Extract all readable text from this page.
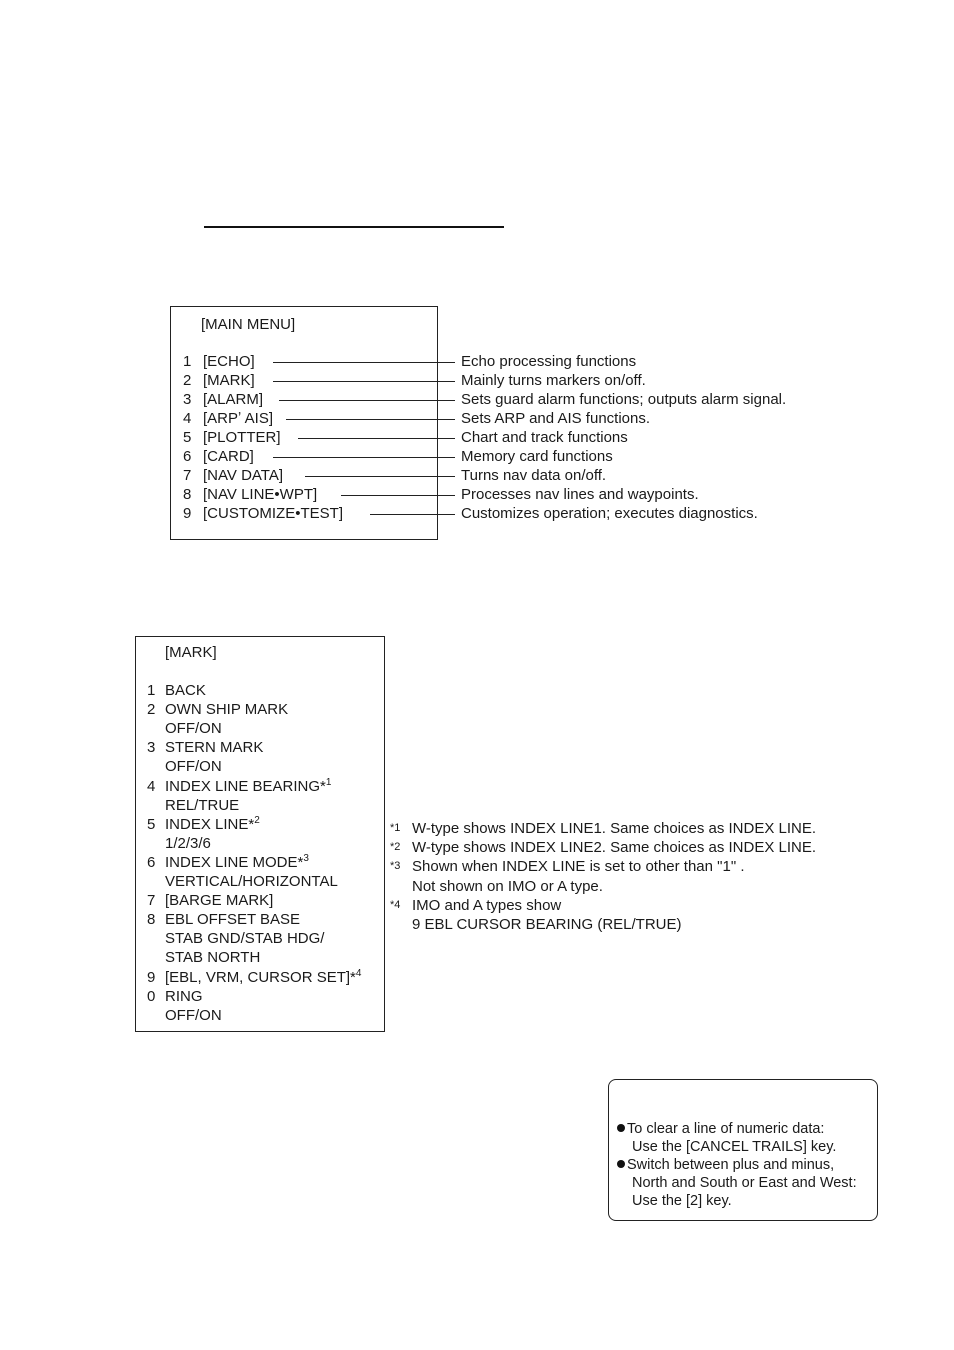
[MAIN MENU]
1 [ECHO]	Echo processing functions
2 [MARK]	Mainly turns markers on/off.
3 [ALARM]	Sets guard alarm functions; outputs alarm signal.
4 [ARPʼ AIS]	Sets ARP and AIS functions.
5 [PLOTTER]	Chart and track functions
6 [CARD]	Memory card functions
7 [NAV DATA]	Turns nav data on/off.
8 [NAV LINE•WPT]	Processes nav lines and waypoints.
9 [CUSTOMIZE•TEST]	Customizes operation; executes diagnostics.
[MARK]
1 BACK
2 OWN SHIP MARK
OFF/ON
3 STERN MARK
OFF/ON
4 INDEX LINE BEARING*$^1$
REL/TRUE
5 INDEX LINE*$^2$
1/2/3/6
6 INDEX LINE MODE*$^3$
VERTICAL/HORIZONTAL
7 [BARGE MARK]
8 EBL OFFSET BASE
STAB GND/STAB HDG/
STAB NORTH
9 [EBL, VRM, CURSOR SET]*$^4$
0 RING
OFF/ON
*1 W-type shows INDEX LINE1. Same choices as INDEX LINE.
*2 W-type shows INDEX LINE2. Same choices as INDEX LINE.
*3 Shown when INDEX LINE is set to other than "1" .
Not shown on IMO or A type.
*4 IMO and A types show
9 EBL CURSOR BEARING (REL/TRUE)
To clear a line of numeric data:
Use the [CANCEL TRAILS] key.
Switch between plus and minus,
North and South or East and West:
Use the [2] key.
